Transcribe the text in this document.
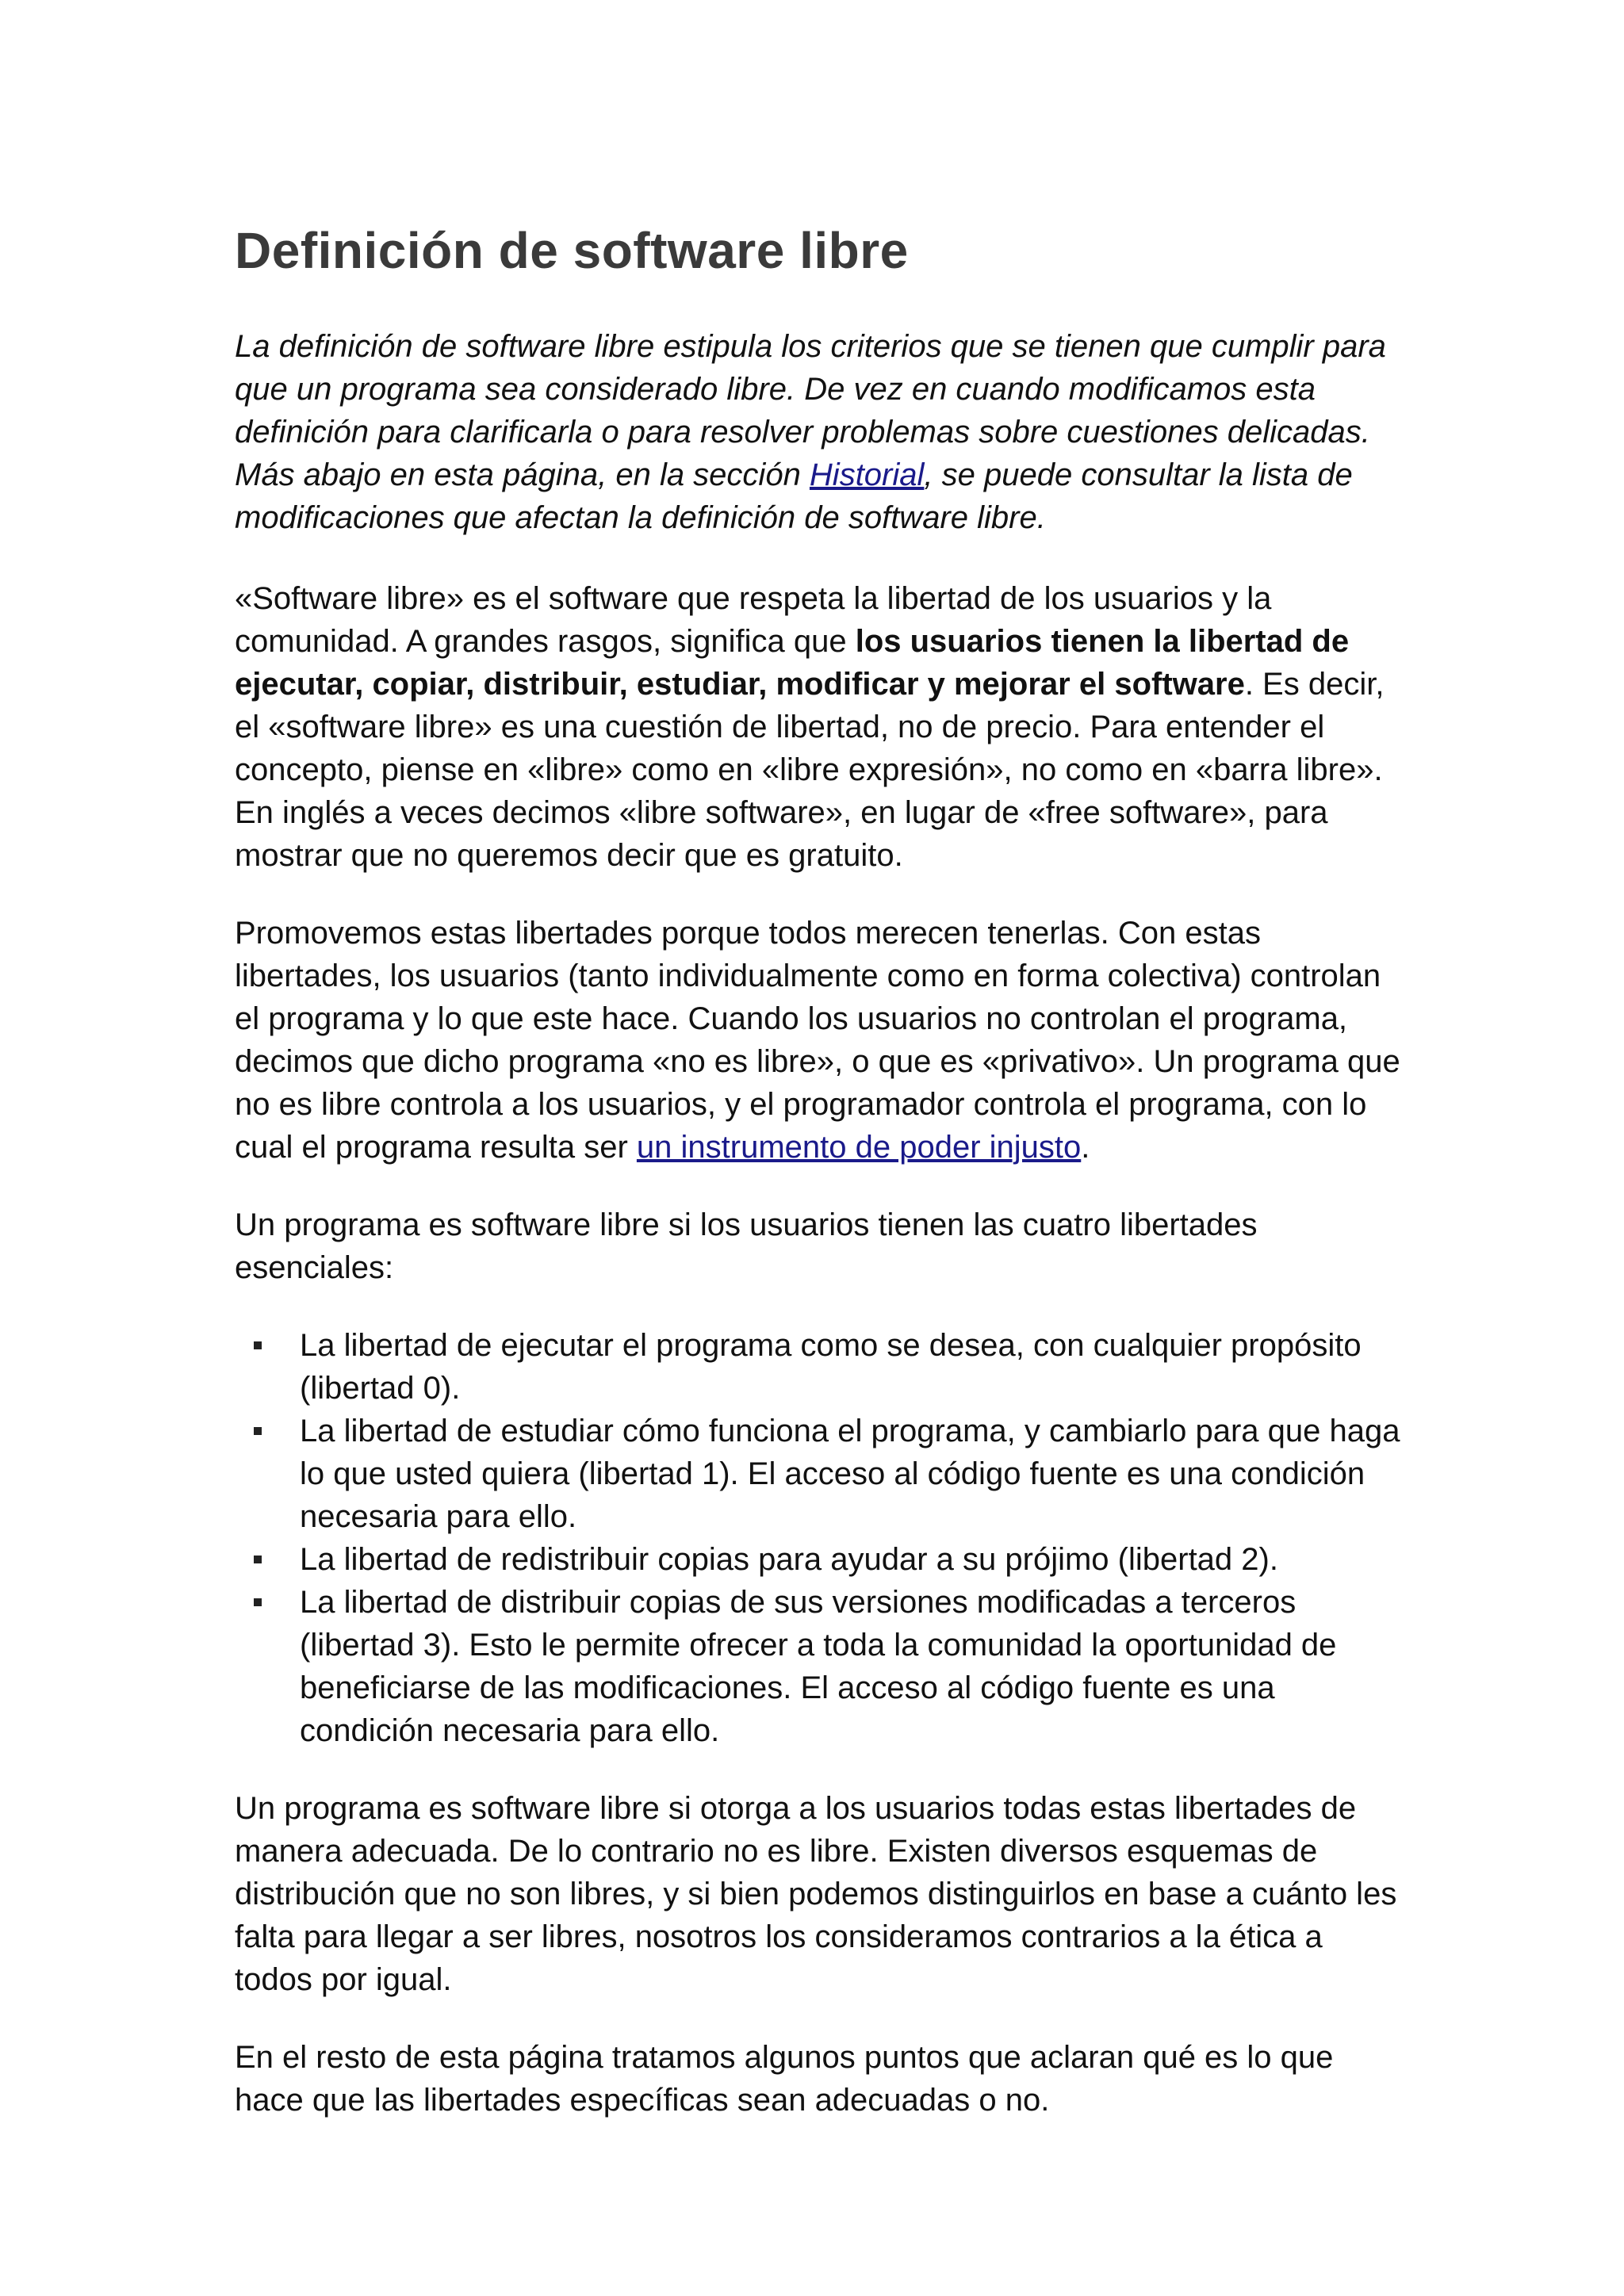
Definición de software libre

La definición de software libre estipula los criterios que se tienen que cumplir para que un programa sea considerado libre. De vez en cuando modificamos esta definición para clarificarla o para resolver problemas sobre cuestiones delicadas. Más abajo en esta página, en la sección Historial, se puede consultar la lista de modificaciones que afectan la definición de software libre.

«Software libre» es el software que respeta la libertad de los usuarios y la comunidad. A grandes rasgos, significa que los usuarios tienen la libertad de ejecutar, copiar, distribuir, estudiar, modificar y mejorar el software. Es decir, el «software libre» es una cuestión de libertad, no de precio. Para entender el concepto, piense en «libre» como en «libre expresión», no como en «barra libre». En inglés a veces decimos «libre software», en lugar de «free software», para mostrar que no queremos decir que es gratuito.

Promovemos estas libertades porque todos merecen tenerlas. Con estas libertades, los usuarios (tanto individualmente como en forma colectiva) controlan el programa y lo que este hace. Cuando los usuarios no controlan el programa, decimos que dicho programa «no es libre», o que es «privativo». Un programa que no es libre controla a los usuarios, y el programador controla el programa, con lo cual el programa resulta ser un instrumento de poder injusto.

Un programa es software libre si los usuarios tienen las cuatro libertades esenciales:

La libertad de ejecutar el programa como se desea, con cualquier propósito (libertad 0).
La libertad de estudiar cómo funciona el programa, y cambiarlo para que haga lo que usted quiera (libertad 1). El acceso al código fuente es una condición necesaria para ello.
La libertad de redistribuir copias para ayudar a su prójimo (libertad 2).
La libertad de distribuir copias de sus versiones modificadas a terceros (libertad 3). Esto le permite ofrecer a toda la comunidad la oportunidad de beneficiarse de las modificaciones. El acceso al código fuente es una condición necesaria para ello.

Un programa es software libre si otorga a los usuarios todas estas libertades de manera adecuada. De lo contrario no es libre. Existen diversos esquemas de distribución que no son libres, y si bien podemos distinguirlos en base a cuánto les falta para llegar a ser libres, nosotros los consideramos contrarios a la ética a todos por igual.

En el resto de esta página tratamos algunos puntos que aclaran qué es lo que hace que las libertades específicas sean adecuadas o no.
